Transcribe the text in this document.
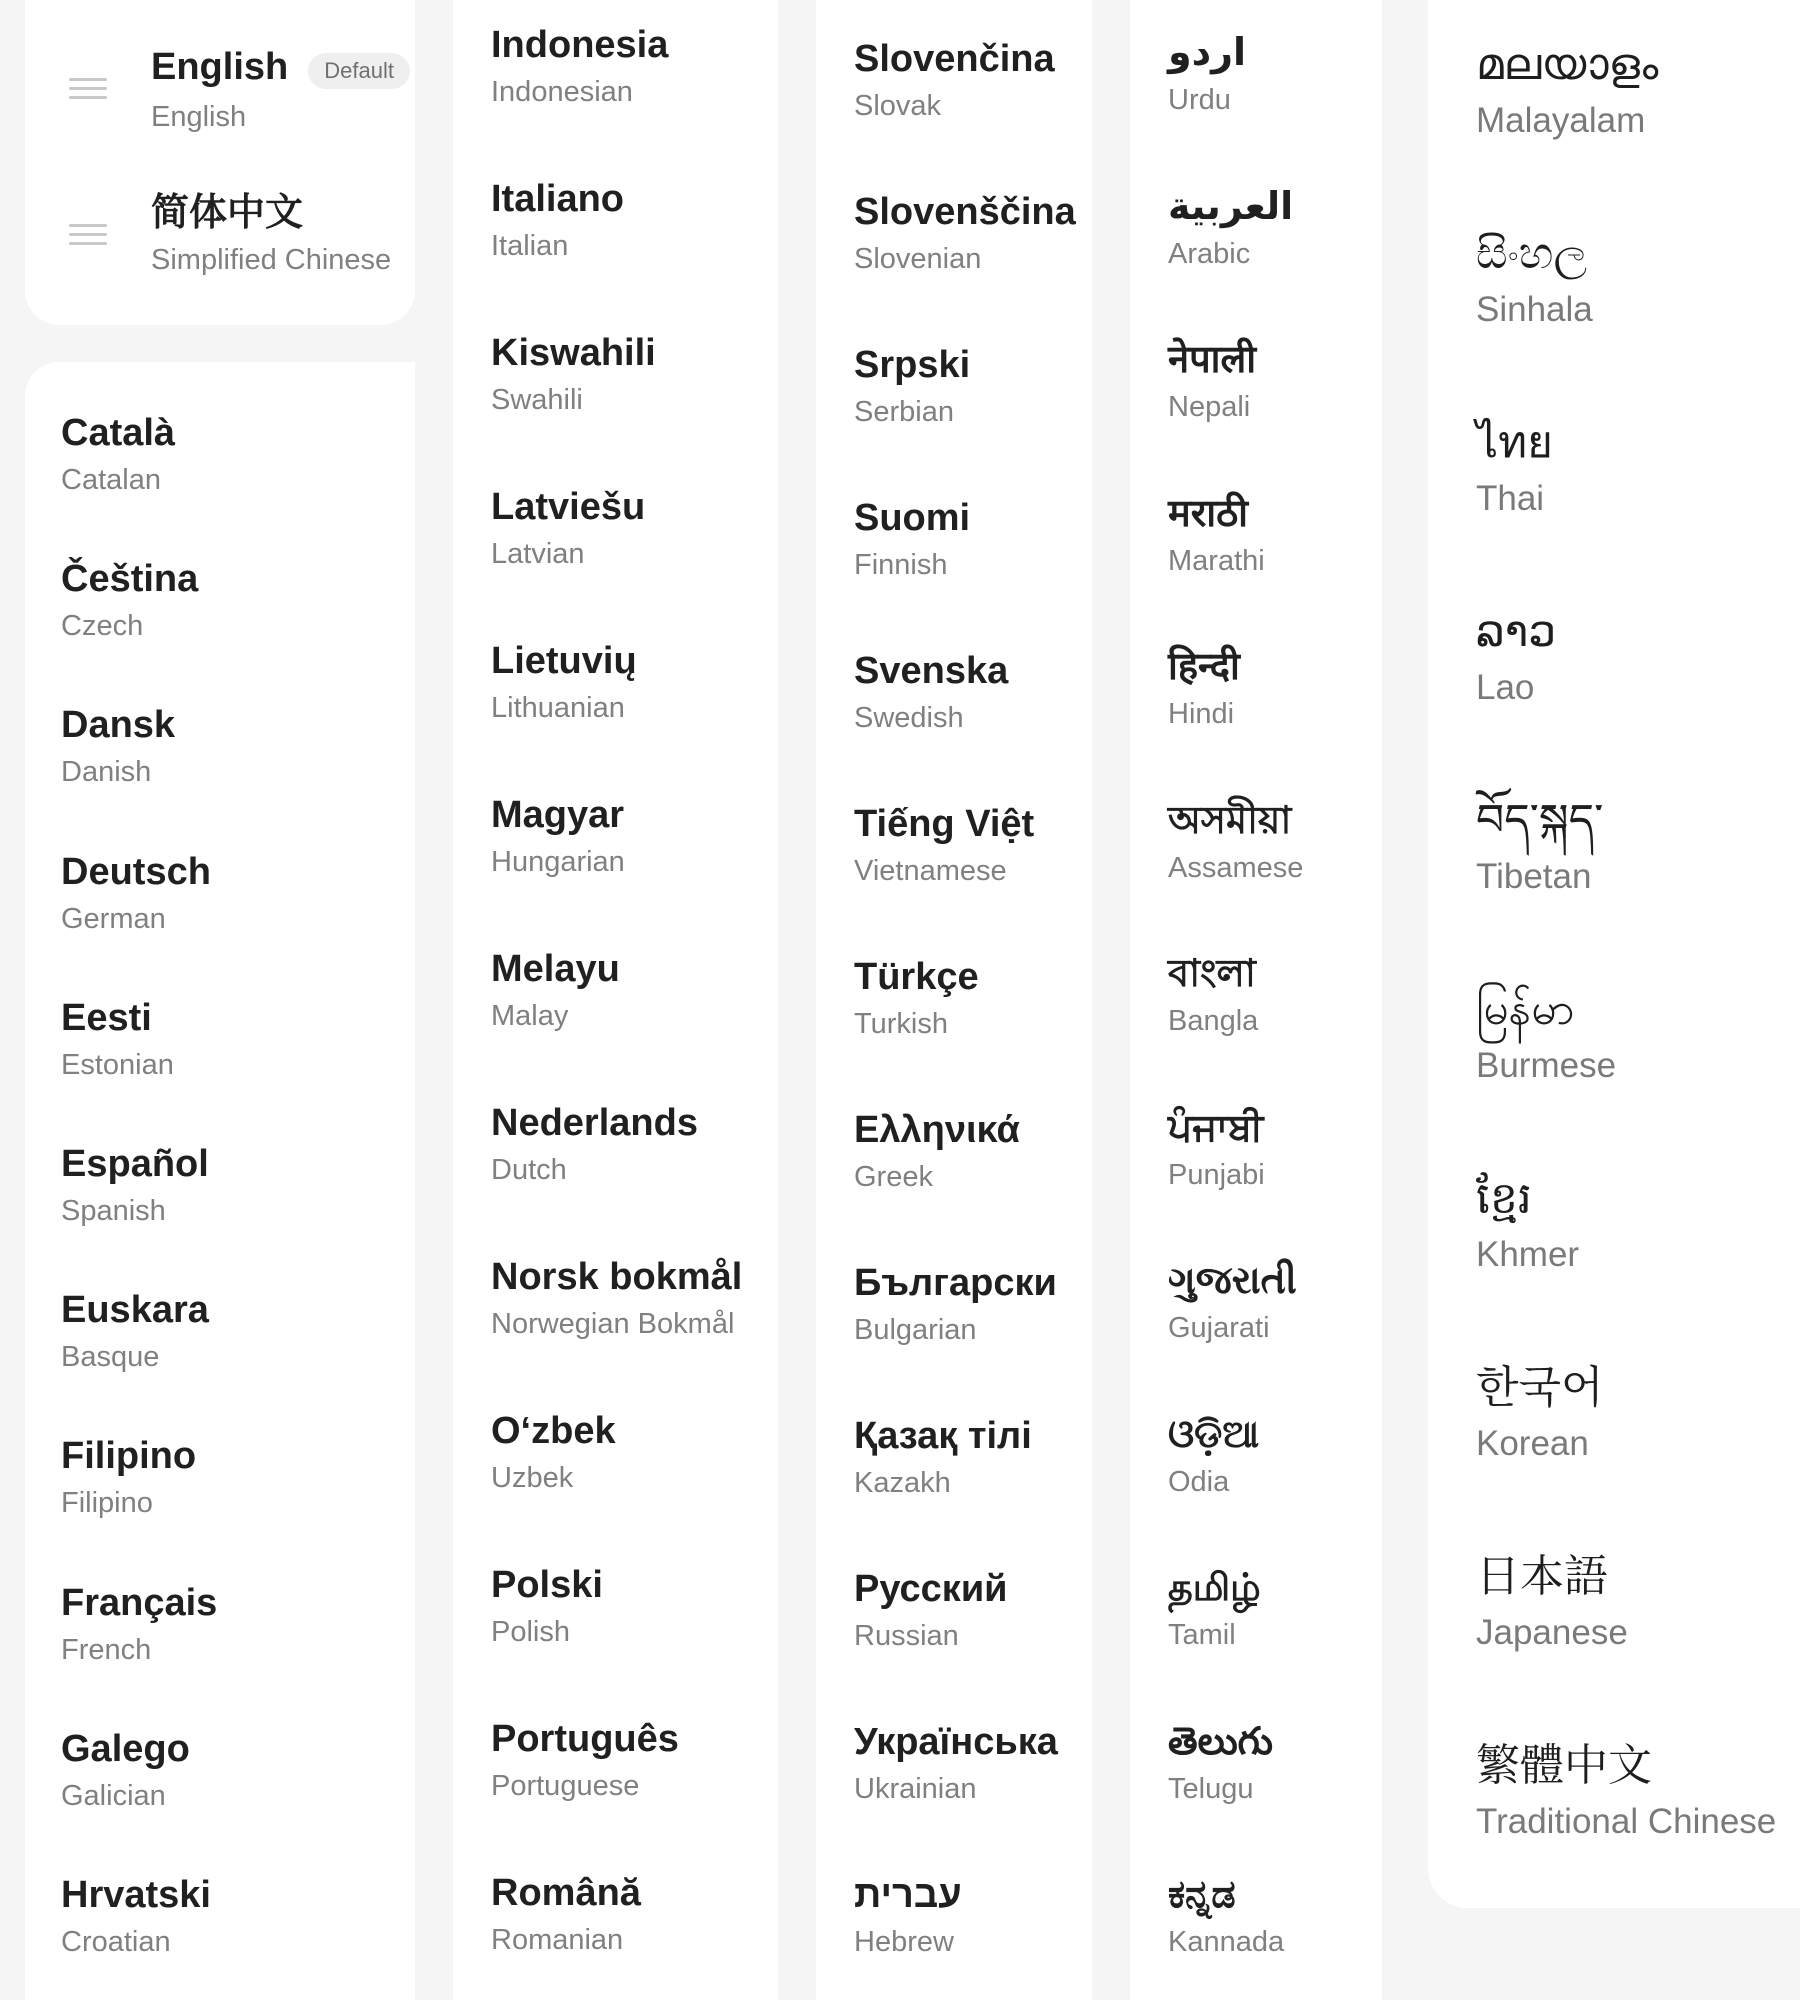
English Default
English
简体中文
Simplified Chinese
Català
Catalan
Čeština
Czech
Dansk
Danish
Deutsch
German
Eesti
Estonian
Español
Spanish
Euskara
Basque
Filipino
Filipino
Français
French
Galego
Galician
Hrvatski
Croatian
Indonesia
Indonesian
Italiano
Italian
Kiswahili
Swahili
Latviešu
Latvian
Lietuvių
Lithuanian
Magyar
Hungarian
Melayu
Malay
Nederlands
Dutch
Norsk bokmål
Norwegian Bokmål
O‘zbek
Uzbek
Polski
Polish
Português
Portuguese
Română
Romanian
Slovenčina
Slovak
Slovenščina
Slovenian
Srpski
Serbian
Suomi
Finnish
Svenska
Swedish
Tiếng Việt
Vietnamese
Türkçe
Turkish
Ελληνικά
Greek
Български
Bulgarian
Қазақ тілі
Kazakh
Русский
Russian
Українська
Ukrainian
עברית
Hebrew
اردو
Urdu
العربية
Arabic
नेपाली
Nepali
मराठी
Marathi
हिन्दी
Hindi
অসমীয়া
Assamese
বাংলা
Bangla
ਪੰਜਾਬੀ
Punjabi
ગુજરાતી
Gujarati
ଓଡ଼ିଆ
Odia
தமிழ்
Tamil
తెలుగు
Telugu
ಕನ್ನಡ
Kannada
മലയാളം
Malayalam
සිංහල
Sinhala
ไทย
Thai
ລາວ
Lao
བོད་སྐད་
Tibetan
မြန်မာ
Burmese
ខ្មែរ
Khmer
한국어
Korean
日本語
Japanese
繁體中文
Traditional Chinese
